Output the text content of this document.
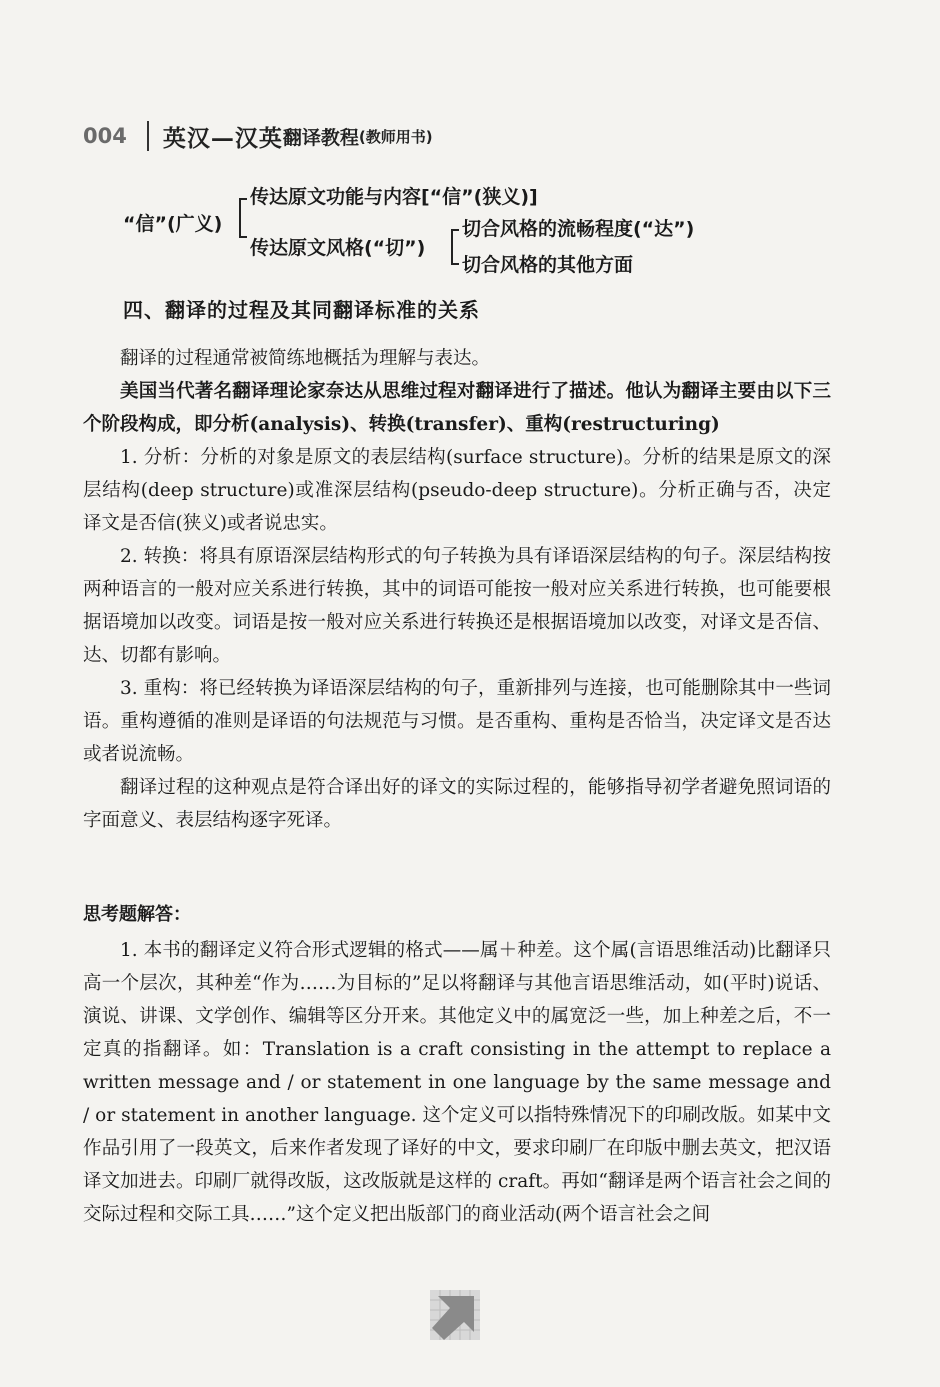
004 英汉—汉英 翻译教程 (教师用书)
“信”(广义)
传达原文功能与内容[“信”(狭义)]
传达原文风格(“切”)
切合风格的流畅程度(“达”)
切合风格的其他方面
四、翻译的过程及其同翻译标准的关系

翻译的过程通常被简练地概括为理解与表达。

美国当代著名翻译理论家奈达从思维过程对翻译进行了描述。他认为翻译主要由以下三个阶段构成，即分析(analysis)、转换(transfer)、重构(restructuring)

1. 分析：分析的对象是原文的表层结构(surface structure)。分析的结果是原文的深层结构(deep structure)或准深层结构(pseudo-deep structure)。分析正确与否，决定译文是否信(狭义)或者说忠实。

2. 转换：将具有原语深层结构形式的句子转换为具有译语深层结构的句子。深层结构按两种语言的一般对应关系进行转换，其中的词语可能按一般对应关系进行转换，也可能要根据语境加以改变。词语是按一般对应关系进行转换还是根据语境加以改变，对译文是否信、达、切都有影响。

3. 重构：将已经转换为译语深层结构的句子，重新排列与连接，也可能删除其中一些词语。重构遵循的准则是译语的句法规范与习惯。是否重构、重构是否恰当，决定译文是否达或者说流畅。

翻译过程的这种观点是符合译出好的译文的实际过程的，能够指导初学者避免照词语的字面意义、表层结构逐字死译。

思考题解答：

1. 本书的翻译定义符合形式逻辑的格式——属＋种差。这个属(言语思维活动)比翻译只高一个层次，其种差“作为……为目标的”足以将翻译与其他言语思维活动，如(平时)说话、演说、讲课、文学创作、编辑等区分开来。其他定义中的属宽泛一些，加上种差之后，不一定真的指翻译。如：Translation is a craft consisting in the attempt to replace a written message and / or statement in one language by the same message and / or statement in another language. 这个定义可以指特殊情况下的印刷改版。如某中文作品引用了一段英文，后来作者发现了译好的中文，要求印刷厂在印版中删去英文，把汉语译文加进去。印刷厂就得改版，这改版就是这样的 craft。再如“翻译是两个语言社会之间的交际过程和交际工具……”这个定义把出版部门的商业活动(两个语言社会之间
